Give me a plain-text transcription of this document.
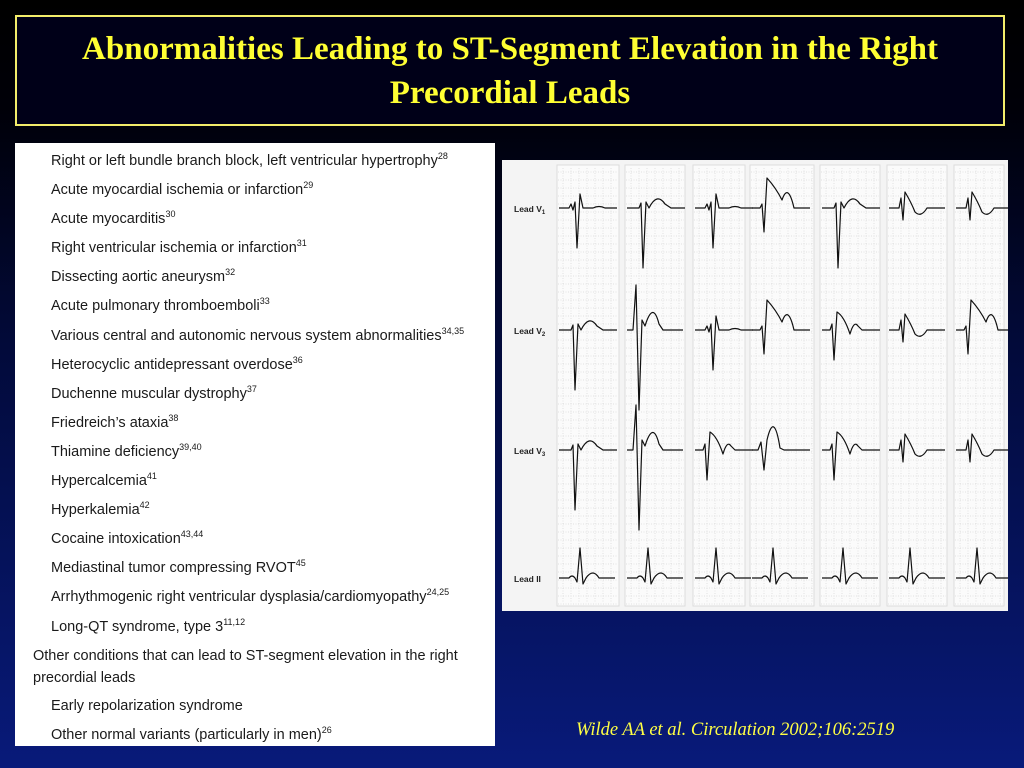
Abnormalities Leading to ST-Segment Elevation in the Right Precordial Leads
Right or left bundle branch block, left ventricular hypertrophy$^{28}$
Acute myocardial ischemia or infarction$^{29}$
Acute myocarditis$^{30}$
Right ventricular ischemia or infarction$^{31}$
Dissecting aortic aneurysm$^{32}$
Acute pulmonary thromboemboli$^{33}$
Various central and autonomic nervous system abnormalities$^{34,35}$
Heterocyclic antidepressant overdose$^{36}$
Duchenne muscular dystrophy$^{37}$
Friedreich’s ataxia$^{38}$
Thiamine deficiency$^{39,40}$
Hypercalcemia$^{41}$
Hyperkalemia$^{42}$
Cocaine intoxication$^{43,44}$
Mediastinal tumor compressing RVOT$^{45}$
Arrhythmogenic right ventricular dysplasia/cardiomyopathy$^{24,25}$
Long-QT syndrome, type 3$^{11,12}$
Other conditions that can lead to ST-segment elevation in the right precordial leads
Early repolarization syndrome
Other normal variants (particularly in men)$^{26}$
Lead $V_1$
Lead $V_2$
Lead $V_3$
Lead II
Wilde AA et al. Circulation 2002;106:2519
